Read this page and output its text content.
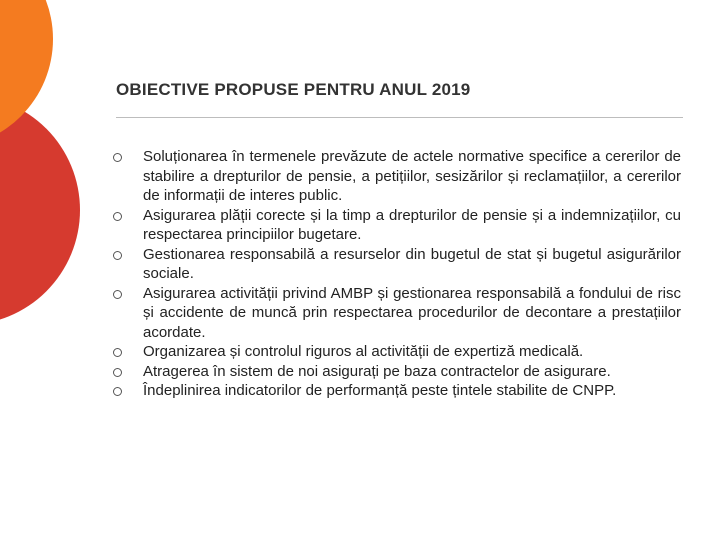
OBIECTIVE PROPUSE PENTRU ANUL 2019
Soluționarea în termenele prevăzute de actele normative specifice a cererilor de stabilire a drepturilor de pensie, a petițiilor, sesizărilor și reclamațiilor, a cererilor de informații de interes public.
Asigurarea plății corecte și la timp a drepturilor de pensie și a indemnizațiilor, cu respectarea principiilor bugetare.
Gestionarea responsabilă a resurselor din bugetul de stat și bugetul asigurărilor sociale.
Asigurarea activității privind AMBP și gestionarea responsabilă a fondului de risc și accidente de muncă prin respectarea procedurilor de decontare a prestațiilor acordate.
Organizarea și controlul riguros al activității de expertiză medicală.
Atragerea în sistem de noi asigurați pe baza contractelor de asigurare.
Îndeplinirea indicatorilor de performanță peste țintele stabilite de CNPP.
